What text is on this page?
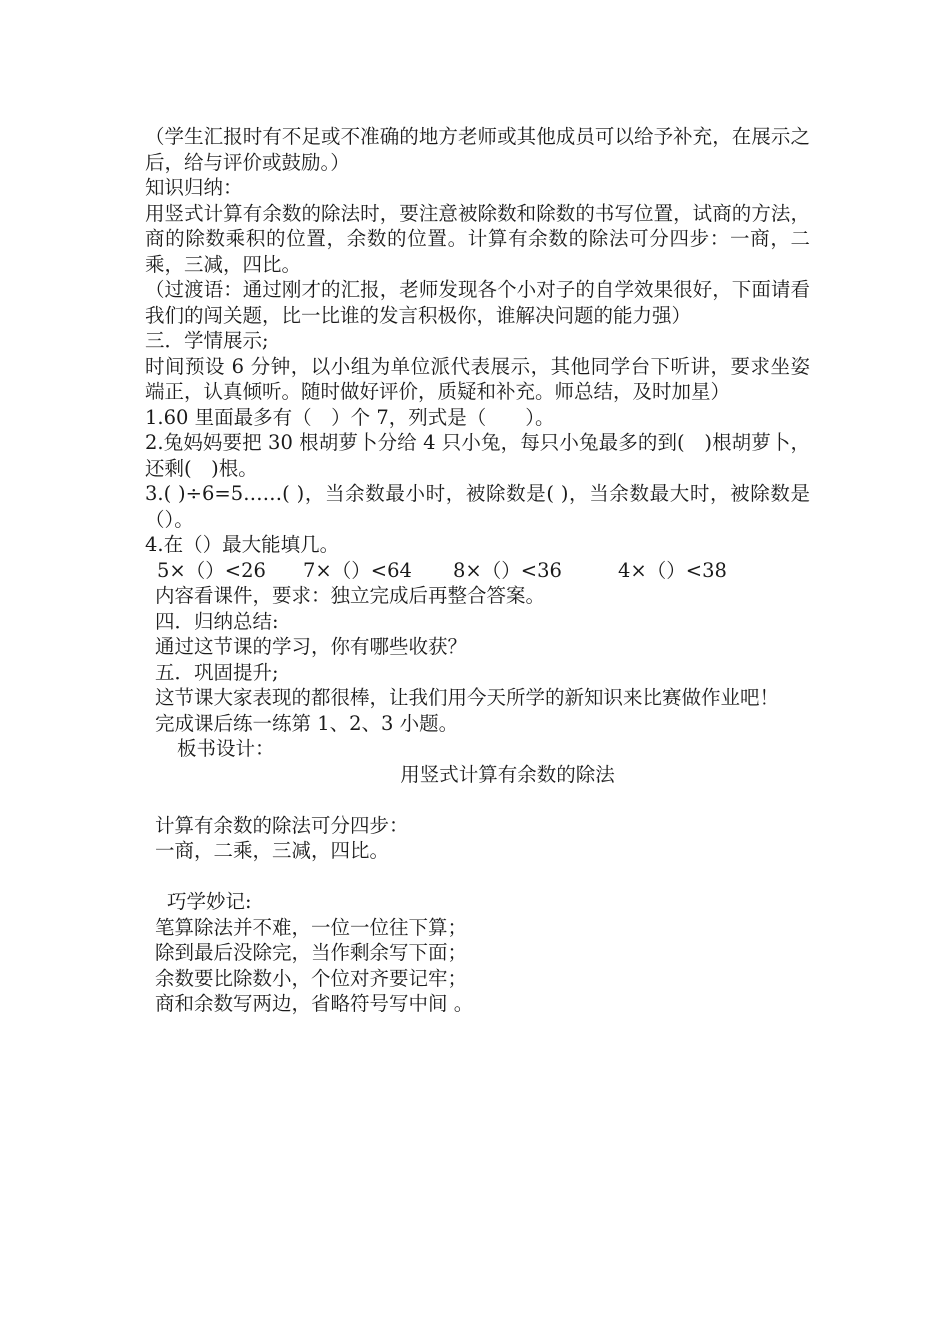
（学生汇报时有不足或不准确的地方老师或其他成员可以给予补充，在展示之后，给与评价或鼓励。）

知识归纳：

用竖式计算有余数的除法时，要注意被除数和除数的书写位置，试商的方法，商的除数乘积的位置，余数的位置。计算有余数的除法可分四步：一商，二乘，三减，四比。

（过渡语：通过刚才的汇报，老师发现各个小对子的自学效果很好，下面请看我们的闯关题，比一比谁的发言积极你，谁解决问题的能力强）

三．学情展示;

时间预设 6 分钟，以小组为单位派代表展示，其他同学台下听讲，要求坐姿端正，认真倾听。随时做好评价，质疑和补充。师总结，及时加星）

1.60 里面最多有（　）个 7，列式是（　　）。

2.兔妈妈要把 30 根胡萝卜分给 4 只小兔，每只小兔最多的到(　)根胡萝卜，还剩(　)根。

3.( )÷6=5……( )，当余数最小时，被除数是( )，当余数最大时，被除数是（）。

4.在（）最大能填几。

5×（）<26	7×（）<64	8×（）<36	4×（）<38

内容看课件，要求：独立完成后再整合答案。

四．归纳总结:

通过这节课的学习，你有哪些收获？

五．巩固提升;

这节课大家表现的都很棒，让我们用今天所学的新知识来比赛做作业吧！

完成课后练一练第 1、2、3 小题。

板书设计：

用竖式计算有余数的除法

计算有余数的除法可分四步：

一商，二乘，三减，四比。

巧学妙记:

笔算除法并不难，一位一位往下算；

除到最后没除完，当作剩余写下面；

余数要比除数小，个位对齐要记牢；

商和余数写两边，省略符号写中间 。
